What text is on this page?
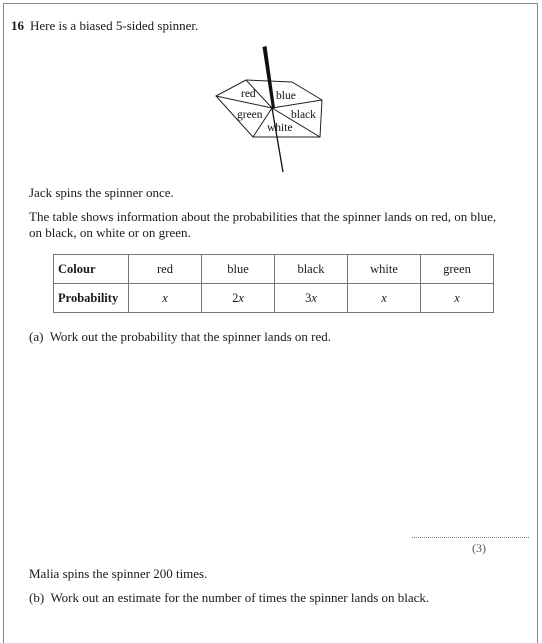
16 Here is a biased 5-sided spinner.
red blue
green black
white
Jack spins the spinner once.
The table shows information about the probabilities that the spinner lands on red, on blue,
on black, on white or on green.
Colour	red	blue	black	white	green
Probability	x	2x	3x	x	x
(a) Work out the probability that the spinner lands on red.
(3)
Malia spins the spinner 200 times.
(b) Work out an estimate for the number of times the spinner lands on black.
